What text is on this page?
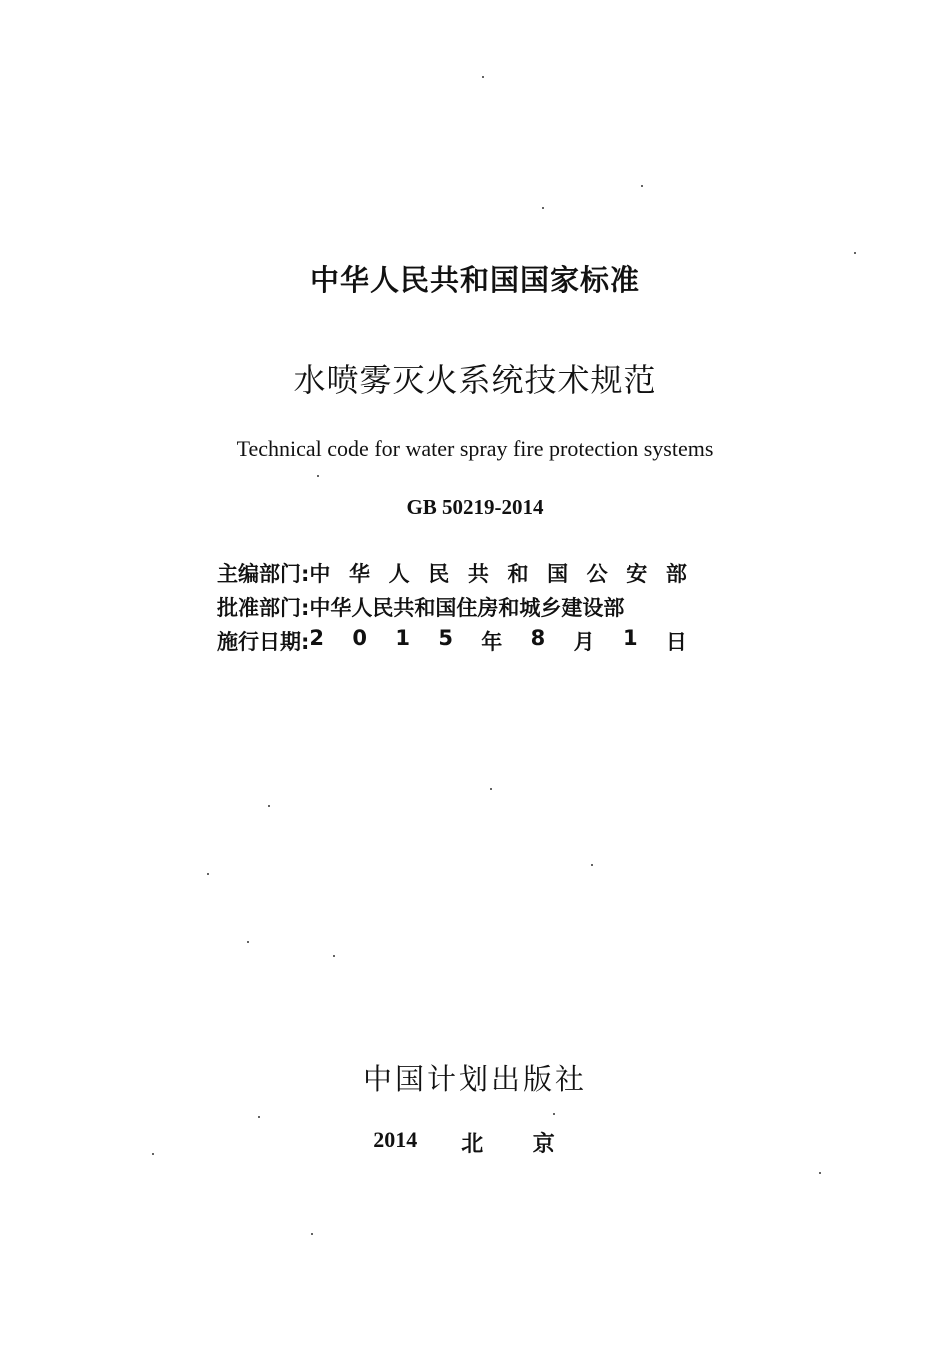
中华人民共和国国家标准
水喷雾灭火系统技术规范
Technical code for water spray fire protection systems
GB 50219-2014
主编部门: 中 华 人 民 共 和 国 公 安 部
批准部门: 中华人民共和国住房和城乡建设部
施行日期: 2 0 1 5 年 8 月 1 日
中国计划出版社
2014	北 京
